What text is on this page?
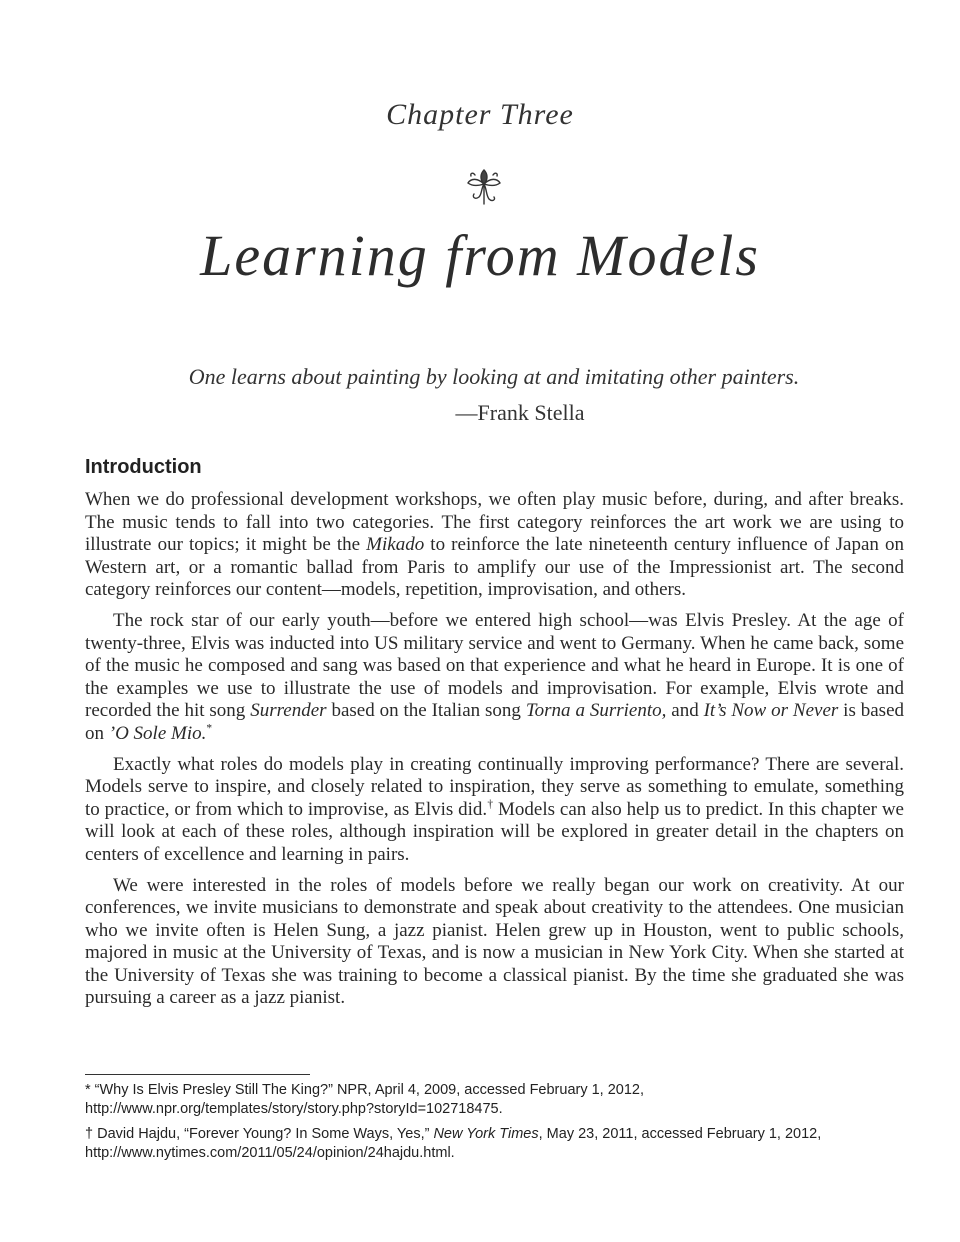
Chapter Three
Learning from Models
One learns about painting by looking at and imitating other painters.
—Frank Stella
Introduction

When we do professional development workshops, we often play music before, during, and after breaks. The music tends to fall into two categories. The first category reinforces the art work we are using to illustrate our topics; it might be the Mikado to reinforce the late nineteenth century influence of Japan on Western art, or a romantic ballad from Paris to amplify our use of the Impressionist art. The second category reinforces our content—models, repetition, improvisation, and others.

The rock star of our early youth—before we entered high school—was Elvis Presley. At the age of twenty-three, Elvis was inducted into US military service and went to Germany. When he came back, some of the music he composed and sang was based on that experience and what he heard in Europe. It is one of the examples we use to illustrate the use of models and improvisation. For example, Elvis wrote and recorded the hit song Surrender based on the Italian song Torna a Surriento, and It’s Now or Never is based on ’O Sole Mio.*

Exactly what roles do models play in creating continually improving performance? There are several. Models serve to inspire, and closely related to inspiration, they serve as something to emulate, something to practice, or from which to improvise, as Elvis did.† Models can also help us to predict. In this chapter we will look at each of these roles, although inspiration will be explored in greater detail in the chapters on centers of excellence and learning in pairs.

We were interested in the roles of models before we really began our work on creativity. At our conferences, we invite musicians to demonstrate and speak about creativity to the attendees. One musician who we invite often is Helen Sung, a jazz pianist. Helen grew up in Houston, went to public schools, majored in music at the University of Texas, and is now a musician in New York City. When she started at the University of Texas she was training to become a classical pianist. By the time she graduated she was pursuing a career as a jazz pianist.

* “Why Is Elvis Presley Still The King?” NPR, April 4, 2009, accessed February 1, 2012, http://www.npr.org/templates/story/story.php?storyId=102718475.

† David Hajdu, “Forever Young? In Some Ways, Yes,” New York Times, May 23, 2011, accessed February 1, 2012, http://www.nytimes.com/2011/05/24/opinion/24hajdu.html.
